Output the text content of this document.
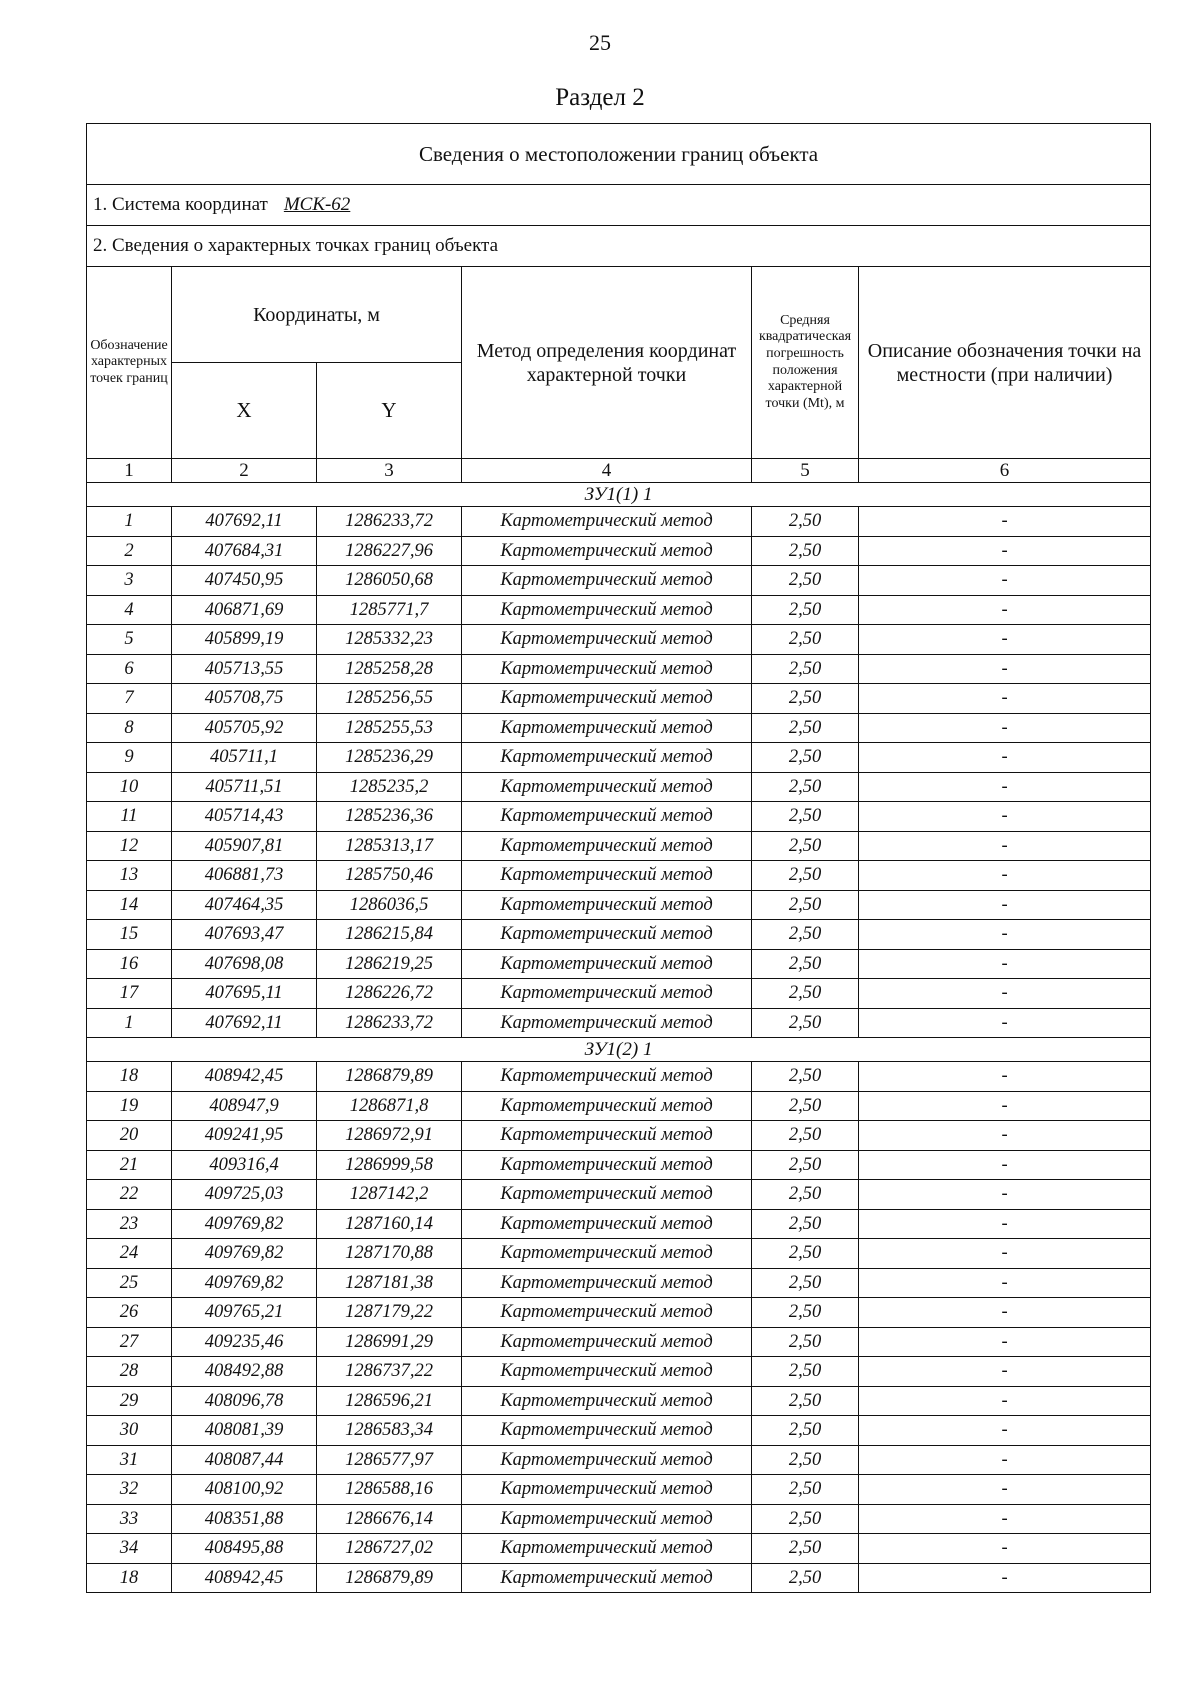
25
Раздел 2
Сведения о местоположении границ объекта					
1. Система координат МСК-62					
2. Сведения о характерных точках границ объекта					
Обозначение характерных точек границ	Координаты, м		Метод определения координат характерной точки	Средняя квадратическая погрешность положения характерной точки (Mt), м	Описание обозначения точки на местности (при наличии)
	X	Y			
1	2	3	4	5	6
ЗУ1(1) 1					
1	407692,11	1286233,72	Картометрический метод	2,50	-
2	407684,31	1286227,96	Картометрический метод	2,50	-
3	407450,95	1286050,68	Картометрический метод	2,50	-
4	406871,69	1285771,7	Картометрический метод	2,50	-
5	405899,19	1285332,23	Картометрический метод	2,50	-
6	405713,55	1285258,28	Картометрический метод	2,50	-
7	405708,75	1285256,55	Картометрический метод	2,50	-
8	405705,92	1285255,53	Картометрический метод	2,50	-
9	405711,1	1285236,29	Картометрический метод	2,50	-
10	405711,51	1285235,2	Картометрический метод	2,50	-
11	405714,43	1285236,36	Картометрический метод	2,50	-
12	405907,81	1285313,17	Картометрический метод	2,50	-
13	406881,73	1285750,46	Картометрический метод	2,50	-
14	407464,35	1286036,5	Картометрический метод	2,50	-
15	407693,47	1286215,84	Картометрический метод	2,50	-
16	407698,08	1286219,25	Картометрический метод	2,50	-
17	407695,11	1286226,72	Картометрический метод	2,50	-
1	407692,11	1286233,72	Картометрический метод	2,50	-
ЗУ1(2) 1					
18	408942,45	1286879,89	Картометрический метод	2,50	-
19	408947,9	1286871,8	Картометрический метод	2,50	-
20	409241,95	1286972,91	Картометрический метод	2,50	-
21	409316,4	1286999,58	Картометрический метод	2,50	-
22	409725,03	1287142,2	Картометрический метод	2,50	-
23	409769,82	1287160,14	Картометрический метод	2,50	-
24	409769,82	1287170,88	Картометрический метод	2,50	-
25	409769,82	1287181,38	Картометрический метод	2,50	-
26	409765,21	1287179,22	Картометрический метод	2,50	-
27	409235,46	1286991,29	Картометрический метод	2,50	-
28	408492,88	1286737,22	Картометрический метод	2,50	-
29	408096,78	1286596,21	Картометрический метод	2,50	-
30	408081,39	1286583,34	Картометрический метод	2,50	-
31	408087,44	1286577,97	Картометрический метод	2,50	-
32	408100,92	1286588,16	Картометрический метод	2,50	-
33	408351,88	1286676,14	Картометрический метод	2,50	-
34	408495,88	1286727,02	Картометрический метод	2,50	-
18	408942,45	1286879,89	Картометрический метод	2,50	-
